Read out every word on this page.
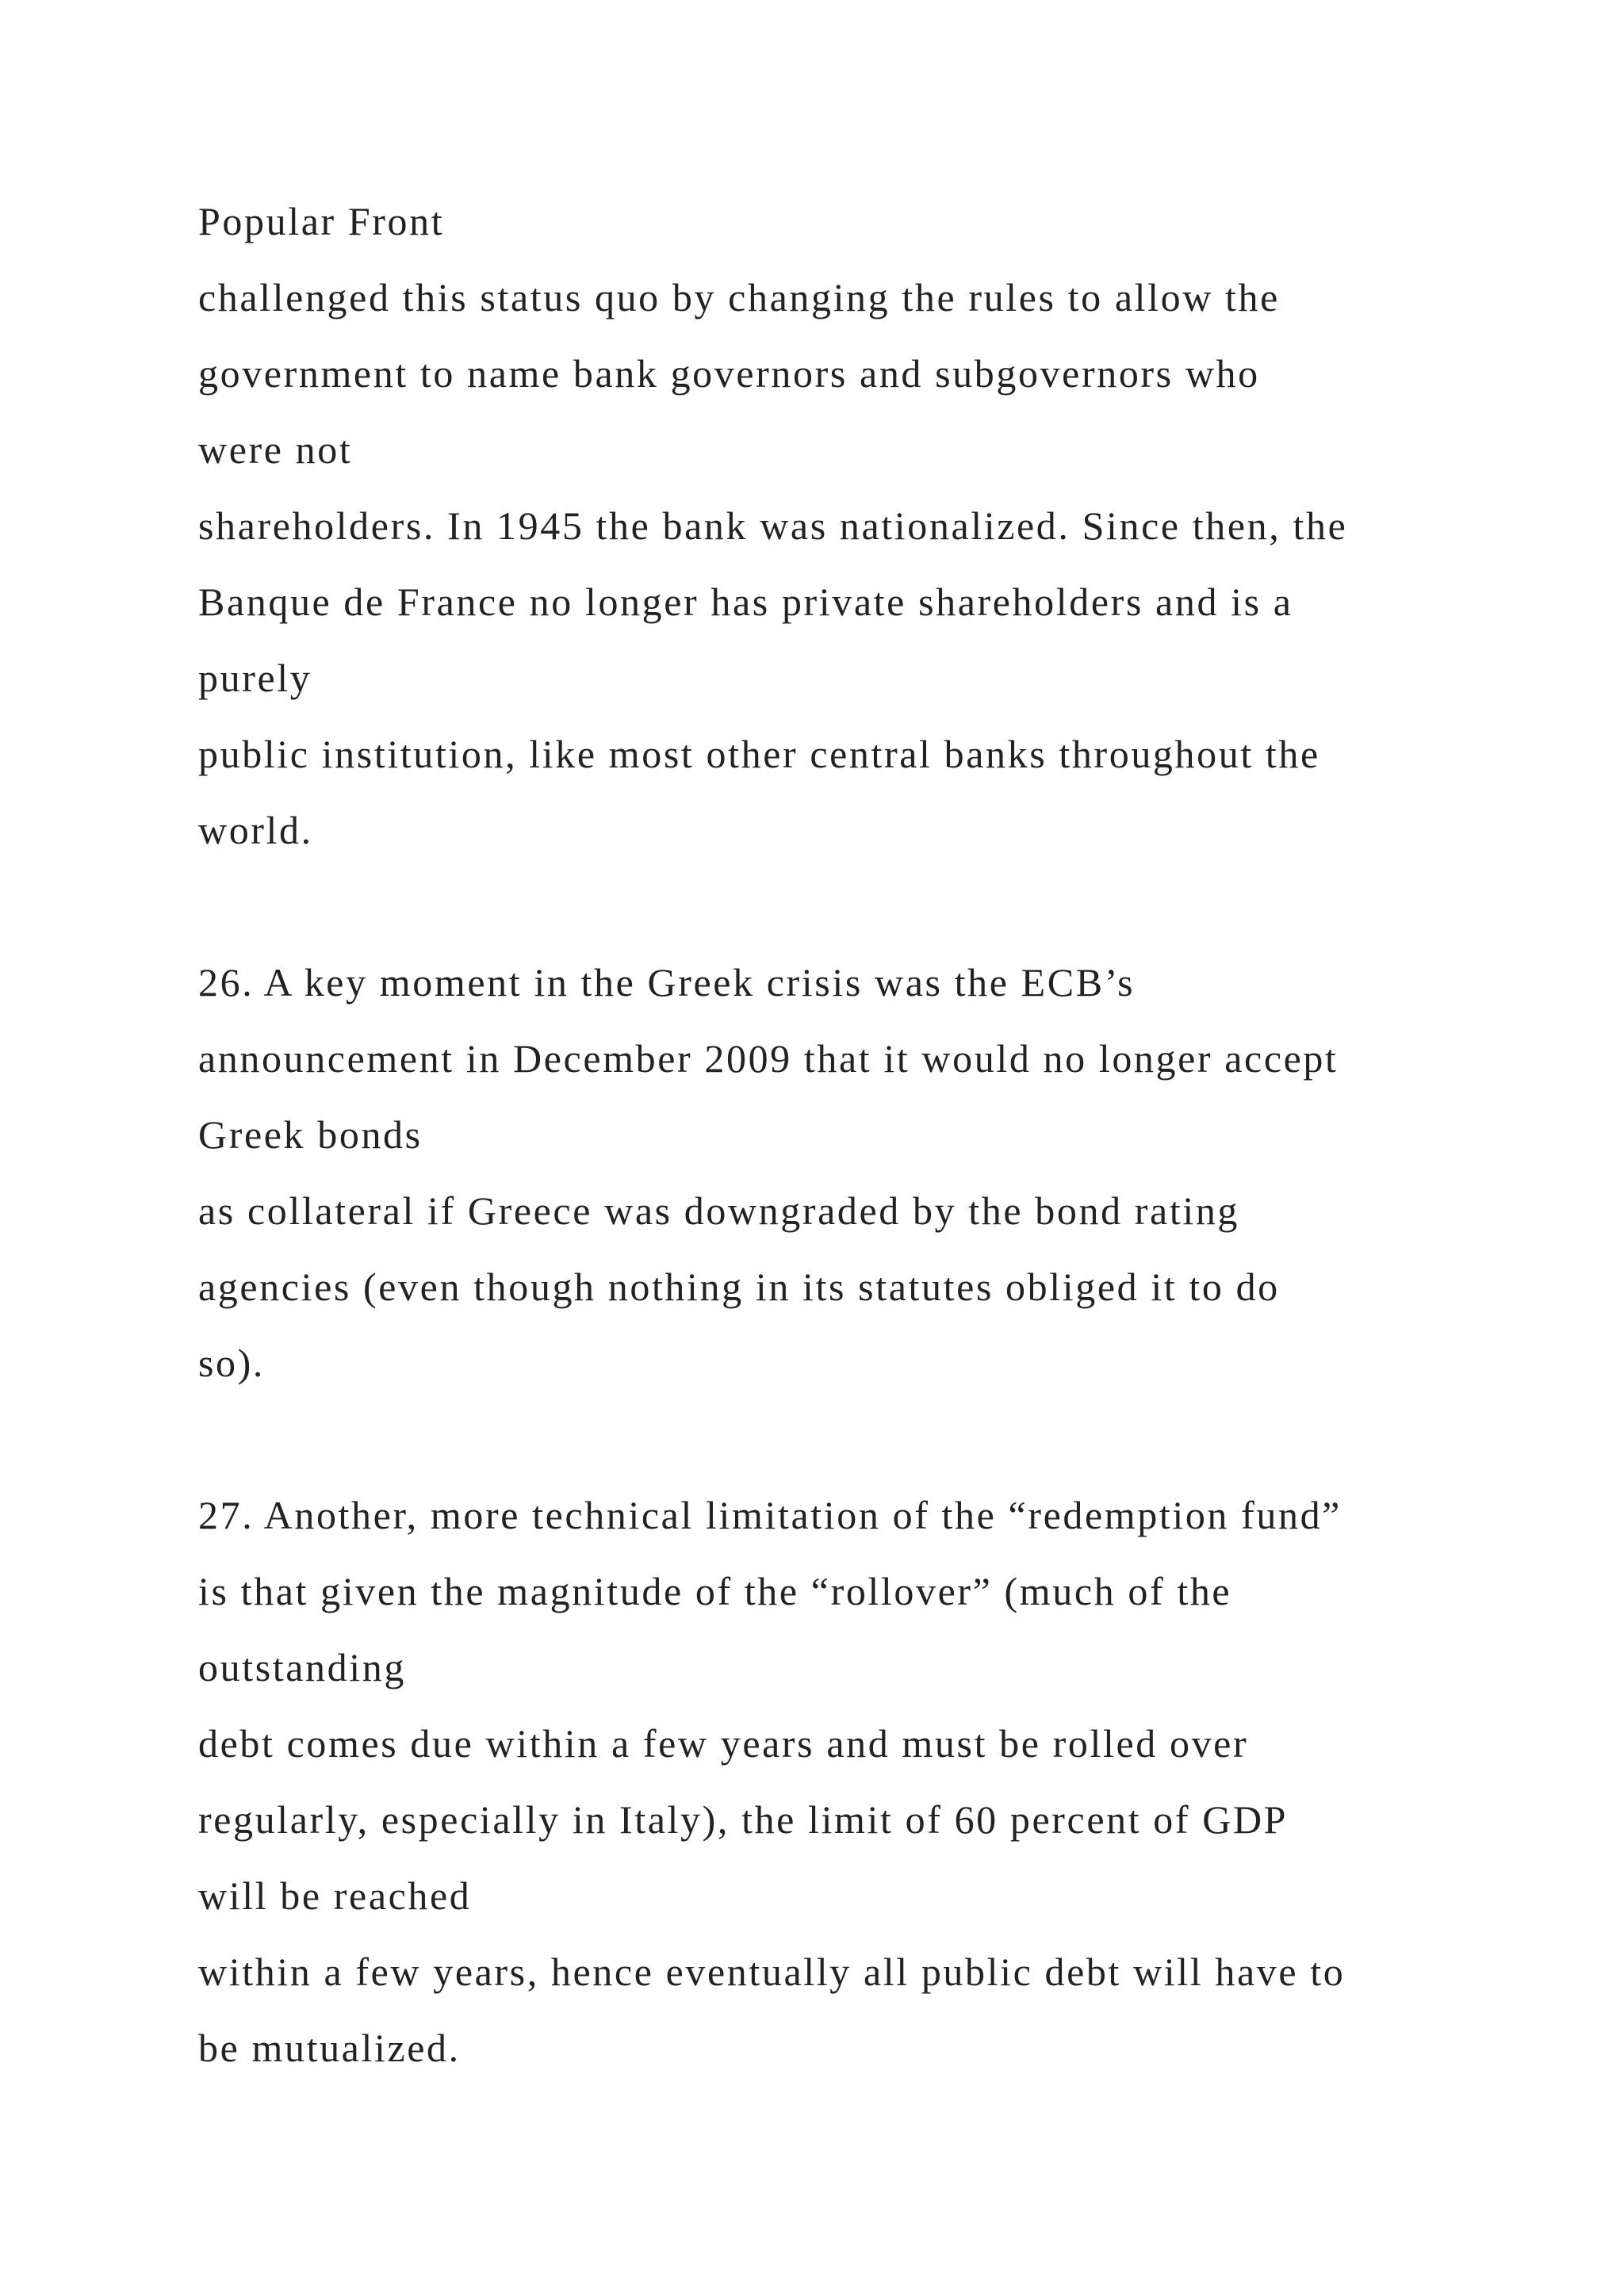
Popular Front
challenged this status quo by changing the rules to allow the
government to name bank governors and subgovernors who
were not
shareholders. In 1945 the bank was nationalized. Since then, the
Banque de France no longer has private shareholders and is a
purely
public institution, like most other central banks throughout the
world.
26. A key moment in the Greek crisis was the ECB’s
announcement in December 2009 that it would no longer accept
Greek bonds
as collateral if Greece was downgraded by the bond rating
agencies (even though nothing in its statutes obliged it to do
so).
27. Another, more technical limitation of the “redemption fund”
is that given the magnitude of the “rollover” (much of the
outstanding
debt comes due within a few years and must be rolled over
regularly, especially in Italy), the limit of 60 percent of GDP
will be reached
within a few years, hence eventually all public debt will have to
be mutualized.
